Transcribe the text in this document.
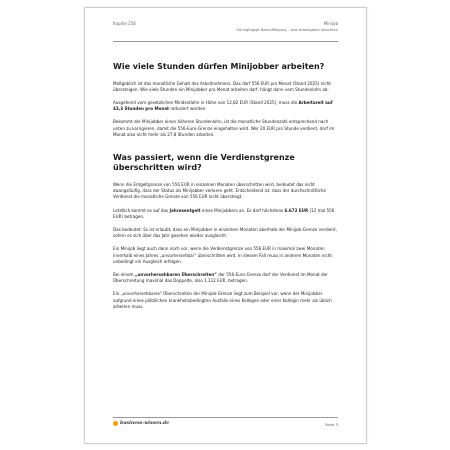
Kapitel 258	Minijob
Geringfügige Beschäftigung – was Arbeitgeber beachten
Wie viele Stunden dürfen Minijobber arbeiten?

Maßgeblich ist das monatliche Gehalt des Arbeitnehmers. Das darf 556 EUR pro Monat (Stand 2025) nicht übersteigen. Wie viele Stunden ein Minijobber pro Monat arbeiten darf, hängt dann vom Stundenlohn ab.

Ausgehend vom gesetzlichen Mindestlohn in Höhe von 12,82 EUR (Stand 2025), muss die Arbeitszeit auf 43,3 Stunden pro Monat reduziert werden.

Bekommt der Minijobber einen höheren Stundenlohn, ist die monatliche Stundenzahl entsprechend nach unten zu korrigieren, damit die 556-Euro-Grenze eingehalten wird. Wer 20 EUR pro Stunde verdient, darf im Monat also nicht mehr als 27,8 Stunden arbeiten.

Was passiert, wenn die Verdienstgrenze überschritten wird?

Wenn die Entgeltgrenze von 556 EUR in einzelnen Monaten überschritten wird, bedeutet das nicht zwangsläufig, dass der Status als Minijobber verloren geht. Entscheidend ist, dass der durchschnittliche Verdienst die monatliche Grenze von 556 EUR nicht übersteigt.

Letztlich kommt es auf das Jahresentgelt eines Minijobbers an. Es darf höchstens 6.672 EUR (12 mal 556 EUR) betragen.

Das bedeutet: Es ist erlaubt, dass ein Minijobber in einzelnen Monaten oberhalb der Minijob-Grenze verdient, sofern es sich über das Jahr gesehen wieder ausgleicht.

Ein Minijob liegt auch dann noch vor, wenn die Verdienstgrenze von 556 EUR in maximal zwei Monaten innerhalb eines Jahres „unvorhersehbar“ überschritten wird. In diesem Fall muss in anderen Monaten nicht unbedingt ein Ausgleich erfolgen.

Bei einem „unvorhersehbaren Überschreiten“ der 556-Euro-Grenze darf der Verdienst im Monat der Überschreitung maximal das Doppelte, also 1.112 EUR, betragen.

Ein „unvorhersehbares“ Überschreiten der Minijob-Grenze liegt zum Beispiel vor, wenn der Minijobber aufgrund eines plötzlichen krankheitsbedingten Ausfalls eines Kollegen oder einer Kollegin mehr als üblich arbeiten muss.

business-wissen.de	Seite 3
